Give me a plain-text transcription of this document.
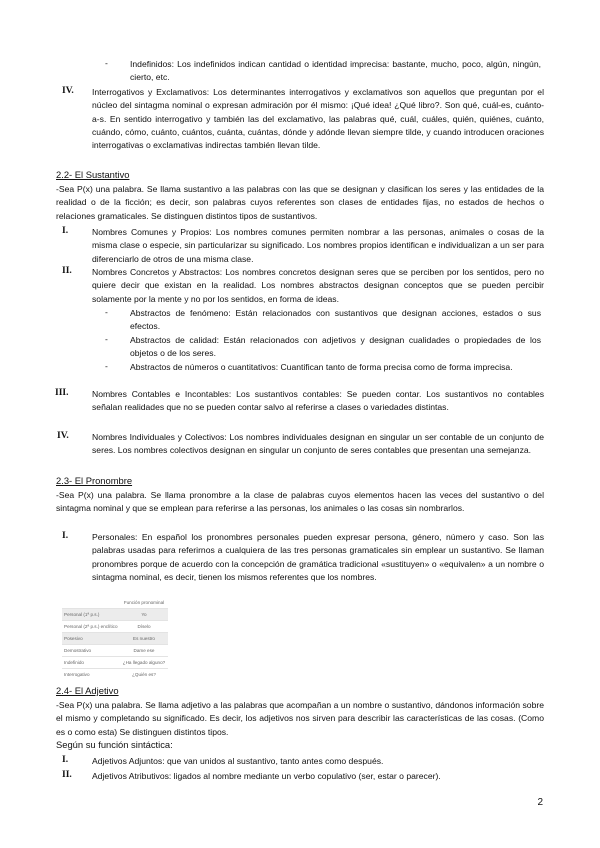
-	Indefinidos: Los indefinidos indican cantidad o identidad imprecisa: bastante, mucho, poco, algún, ningún, cierto, etc.

IV. Interrogativos y Exclamativos: Los determinantes interrogativos y exclamativos son aquellos que preguntan por el núcleo del sintagma nominal o expresan admiración por él mismo: ¡Qué idea! ¿Qué libro?. Son qué, cuál-es, cuánto-a-s. En sentido interrogativo y también las del exclamativo, las palabras qué, cuál, cuáles, quién, quiénes, cuánto, cuándo, cómo, cuánto, cuántos, cuánta, cuántas, dónde y adónde llevan siempre tilde, y cuando introducen oraciones interrogativas o exclamativas indirectas también llevan tilde.

2.2- El Sustantivo

-Sea P(x) una palabra. Se llama sustantivo a las palabras con las que se designan y clasifican los seres y las entidades de la realidad o de la ficción; es decir, son palabras cuyos referentes son clases de entidades fijas, no estados de hechos o relaciones gramaticales. Se distinguen distintos tipos de sustantivos.

I.	Nombres Comunes y Propios: Los nombres comunes permiten nombrar a las personas, animales o cosas de la misma clase o especie, sin particularizar su significado. Los nombres propios identifican e individualizan a un ser para diferenciarlo de otros de una misma clase.

II. Nombres Concretos y Abstractos: Los nombres concretos designan seres que se perciben por los sentidos, pero no quiere decir que existan en la realidad. Los nombres abstractos designan conceptos que se pueden percibir solamente por la mente y no por los sentidos, en forma de ideas.

-	Abstractos de fenómeno: Están relacionados con sustantivos que designan acciones, estados o sus efectos.

-	Abstractos de calidad: Están relacionados con adjetivos y designan cualidades o propiedades de los objetos o de los seres.

-	Abstractos de números o cuantitativos: Cuantifican tanto de forma precisa como de forma imprecisa.

III.	Nombres Contables e Incontables: Los sustantivos contables: Se pueden contar. Los sustantivos no contables señalan realidades que no se pueden contar salvo al referirse a clases o variedades distintas.

IV.	Nombres Individuales y Colectivos: Los nombres individuales designan en singular un ser contable de un conjunto de seres. Los nombres colectivos designan en singular un conjunto de seres contables que presentan una semejanza.

2.3- El Pronombre

-Sea P(x) una palabra. Se llama pronombre a la clase de palabras cuyos elementos hacen las veces del sustantivo o del sintagma nominal y que se emplean para referirse a las personas, los animales o las cosas sin nombrarlos.

I.	Personales: En español los pronombres personales pueden expresar persona, género, número y caso. Son las palabras usadas para referirnos a cualquiera de las tres personas gramaticales sin emplear un sustantivo. Se llaman pronombres porque de acuerdo con la concepción de gramática tradicional «sustituyen» o «equivalen» a un nombre o sintagma nominal, es decir, tienen los mismos referentes que los nombres.

	Función pronominal
Personal (1ª p.s.)	Yo
Personal (2ª p.s.) enclítico	Díselo
Posesivo	Es nuestro
Demostrativo	Dame ese
Indefinido	¿Ha llegado alguno?
Interrogativo	¿Quién es?
2.4- El Adjetivo

-Sea P(x) una palabra. Se llama adjetivo a las palabras que acompañan a un nombre o sustantivo, dándonos información sobre el mismo y completando su significado. Es decir, los adjetivos nos sirven para describir las características de las cosas. (Como es o como esta) Se distinguen distintos tipos.

Según su función sintáctica:
I.	Adjetivos Adjuntos: que van unidos al sustantivo, tanto antes como después.

II. Adjetivos Atributivos: ligados al nombre mediante un verbo copulativo (ser, estar o parecer).

2
